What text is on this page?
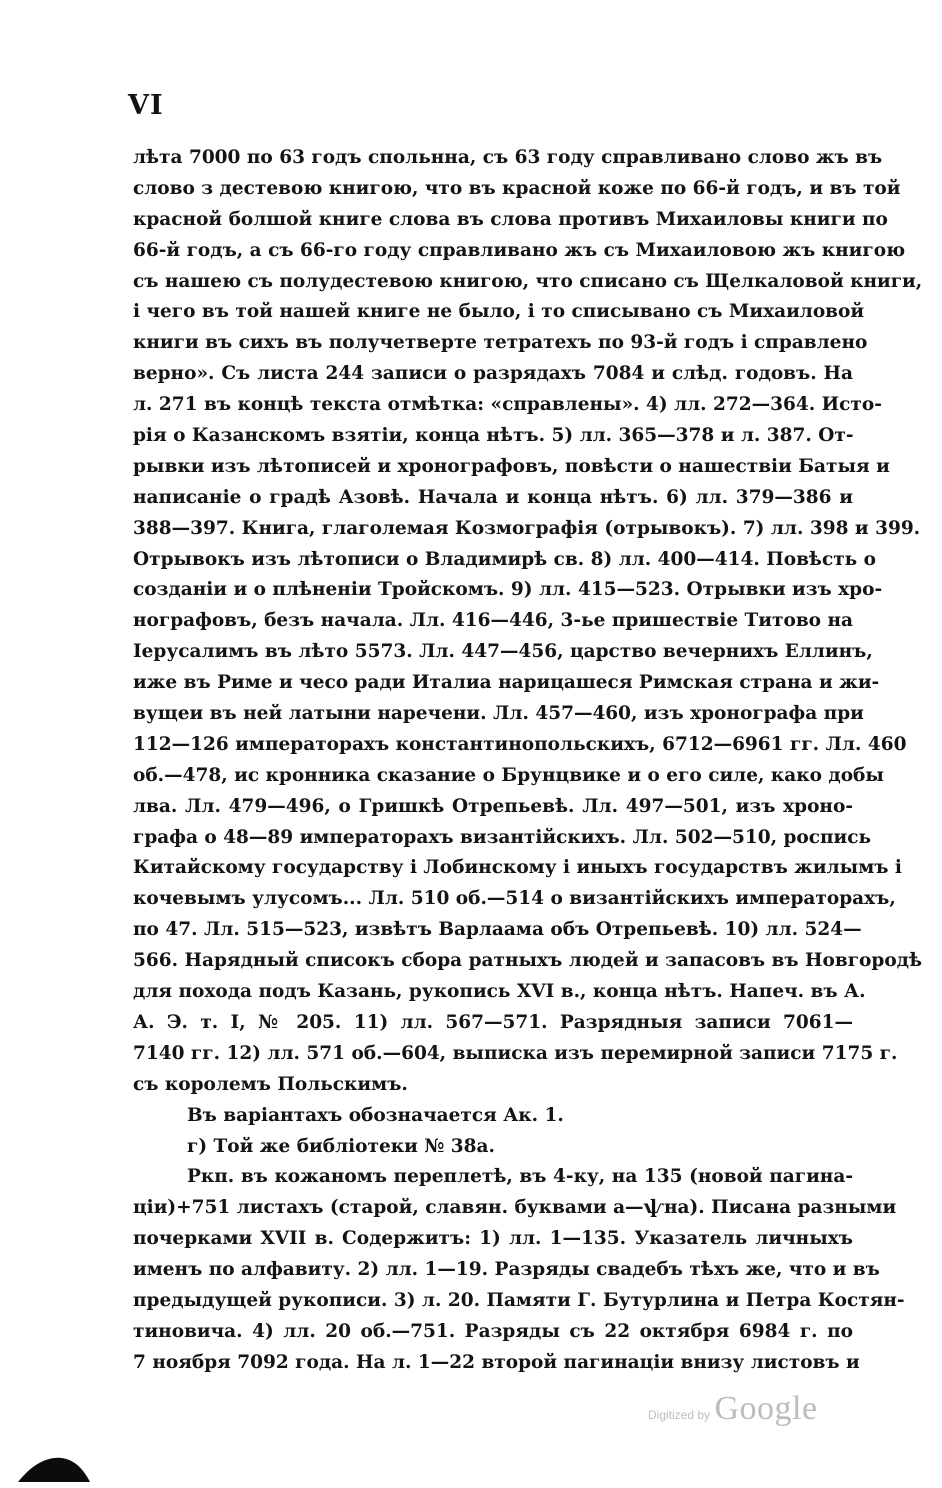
VI
лѣта 7000 по 63 годъ спольнна, съ 63 году справливано слово жъ въ
слово з дестевою книгою, что въ красной коже по 66-й годъ, и въ той
красной болшой книге слова въ слова противъ Михаиловы книги по
66-й годъ, а съ 66-го году справливано жъ съ Михаиловою жъ книгою
съ нашею съ полудестевою книгою, что списано съ Щелкаловой книги,
і чего въ той нашей книге не было, і то списывано съ Михаиловой
книги въ сихъ въ получетверте тетратехъ по 93-й годъ і справлено
верно». Съ листа 244 записи о разрядахъ 7084 и слѣд. годовъ. На
л. 271 въ концѣ текста отмѣтка: «справлены». 4) лл. 272—364. Исто-
рія о Казанскомъ взятіи, конца нѣтъ. 5) лл. 365—378 и л. 387. От-
рывки изъ лѣтописей и хронографовъ, повѣсти о нашествіи Батыя и
написаніе о градѣ Азовѣ. Начала и конца нѣтъ. 6) лл. 379—386 и
388—397. Книга, глаголемая Козмографія (отрывокъ). 7) лл. 398 и 399.
Отрывокъ изъ лѣтописи о Владимирѣ св. 8) лл. 400—414. Повѣсть о
созданіи и о плѣненіи Тройскомъ. 9) лл. 415—523. Отрывки изъ хро-
нографовъ, безъ начала. Лл. 416—446, 3-ье пришествіе Титово на
Іерусалимъ въ лѣто 5573. Лл. 447—456, царство вечернихъ Еллинъ,
иже въ Риме и чесо ради Италиа нарицашеся Римская страна и жи-
вущеи въ ней латыни наречени. Лл. 457—460, изъ хронографа при
112—126 императорахъ константинопольскихъ, 6712—6961 гг. Лл. 460
об.—478, ис кронника сказание о Брунцвике и о его силе, како добы
лва. Лл. 479—496, о Гришкѣ Отрепьевѣ. Лл. 497—501, изъ хроно-
графа о 48—89 императорахъ византійскихъ. Лл. 502—510, роспись
Китайскому государству і Лобинскому і иныхъ государствъ жилымъ і
кочевымъ улусомъ... Лл. 510 об.—514 о византійскихъ императорахъ,
по 47. Лл. 515—523, извѣтъ Варлаама объ Отрепьевѣ. 10) лл. 524—
566. Нарядный списокъ сбора ратныхъ людей и запасовъ въ Новгородѣ
для похода подъ Казань, рукопись XVI в., конца нѣтъ. Напеч. въ А.
А. Э. т. I, № 205. 11) лл. 567—571. Разрядныя записи 7061—
7140 гг. 12) лл. 571 об.—604, выписка изъ перемирной записи 7175 г.
съ королемъ Польскимъ.
Въ варіантахъ обозначается Ак. 1.
г) Той же библіотеки № 38а.
Ркп. въ кожаномъ переплетѣ, въ 4-ку, на 135 (новой пагина-
ціи)+751 листахъ (старой, славян. буквами а—ѱна). Писана разными
почерками XVII в. Содержитъ: 1) лл. 1—135. Указатель личныхъ
именъ по алфавиту. 2) лл. 1—19. Разряды свадебъ тѣхъ же, что и въ
предыдущей рукописи. 3) л. 20. Памяти Г. Бутурлина и Петра Костян-
тиновича. 4) лл. 20 об.—751. Разряды съ 22 октября 6984 г. по
7 ноября 7092 года. На л. 1—22 второй пагинаціи внизу листовъ и
Digitized by Google
